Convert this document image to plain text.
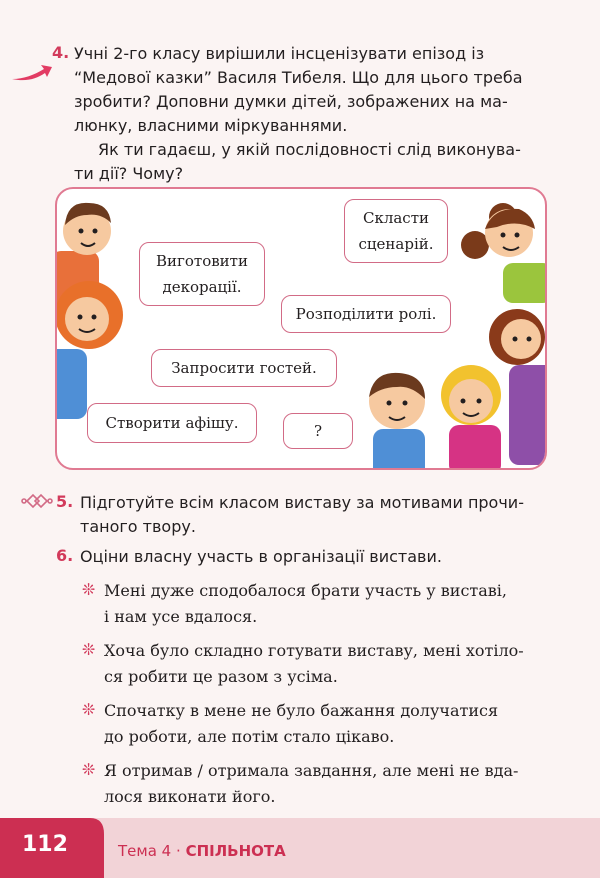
4. Учні 2-го класу вирішили інсценізувати епізод із
“Медової казки” Василя Тибеля. Що для цього треба
зробити? Доповни думки дітей, зображених на ма-
люнку, власними міркуваннями.
Як ти гадаєш, у якій послідовності слід виконува-
ти дії? Чому?
Виготовити
декорації.
Скласти
сценарій.
Розподілити ролі.
Запросити гостей.
Створити афішу.	?
5. Підготуйте всім класом виставу за мотивами прочи-
таного твору.
6. Оціни власну участь в організації вистави.
❊ Мені дуже сподобалося брати участь у виставі,
і нам усе вдалося.
❊ Хоча було складно готувати виставу, мені хотіло-
ся робити це разом з усіма.
❊ Спочатку в мене не було бажання долучатися
до роботи, але потім стало цікаво.
❊ Я отримав / отримала завдання, але мені не вда-
лося виконати його.
112	Тема 4 · СПІЛЬНОТА
